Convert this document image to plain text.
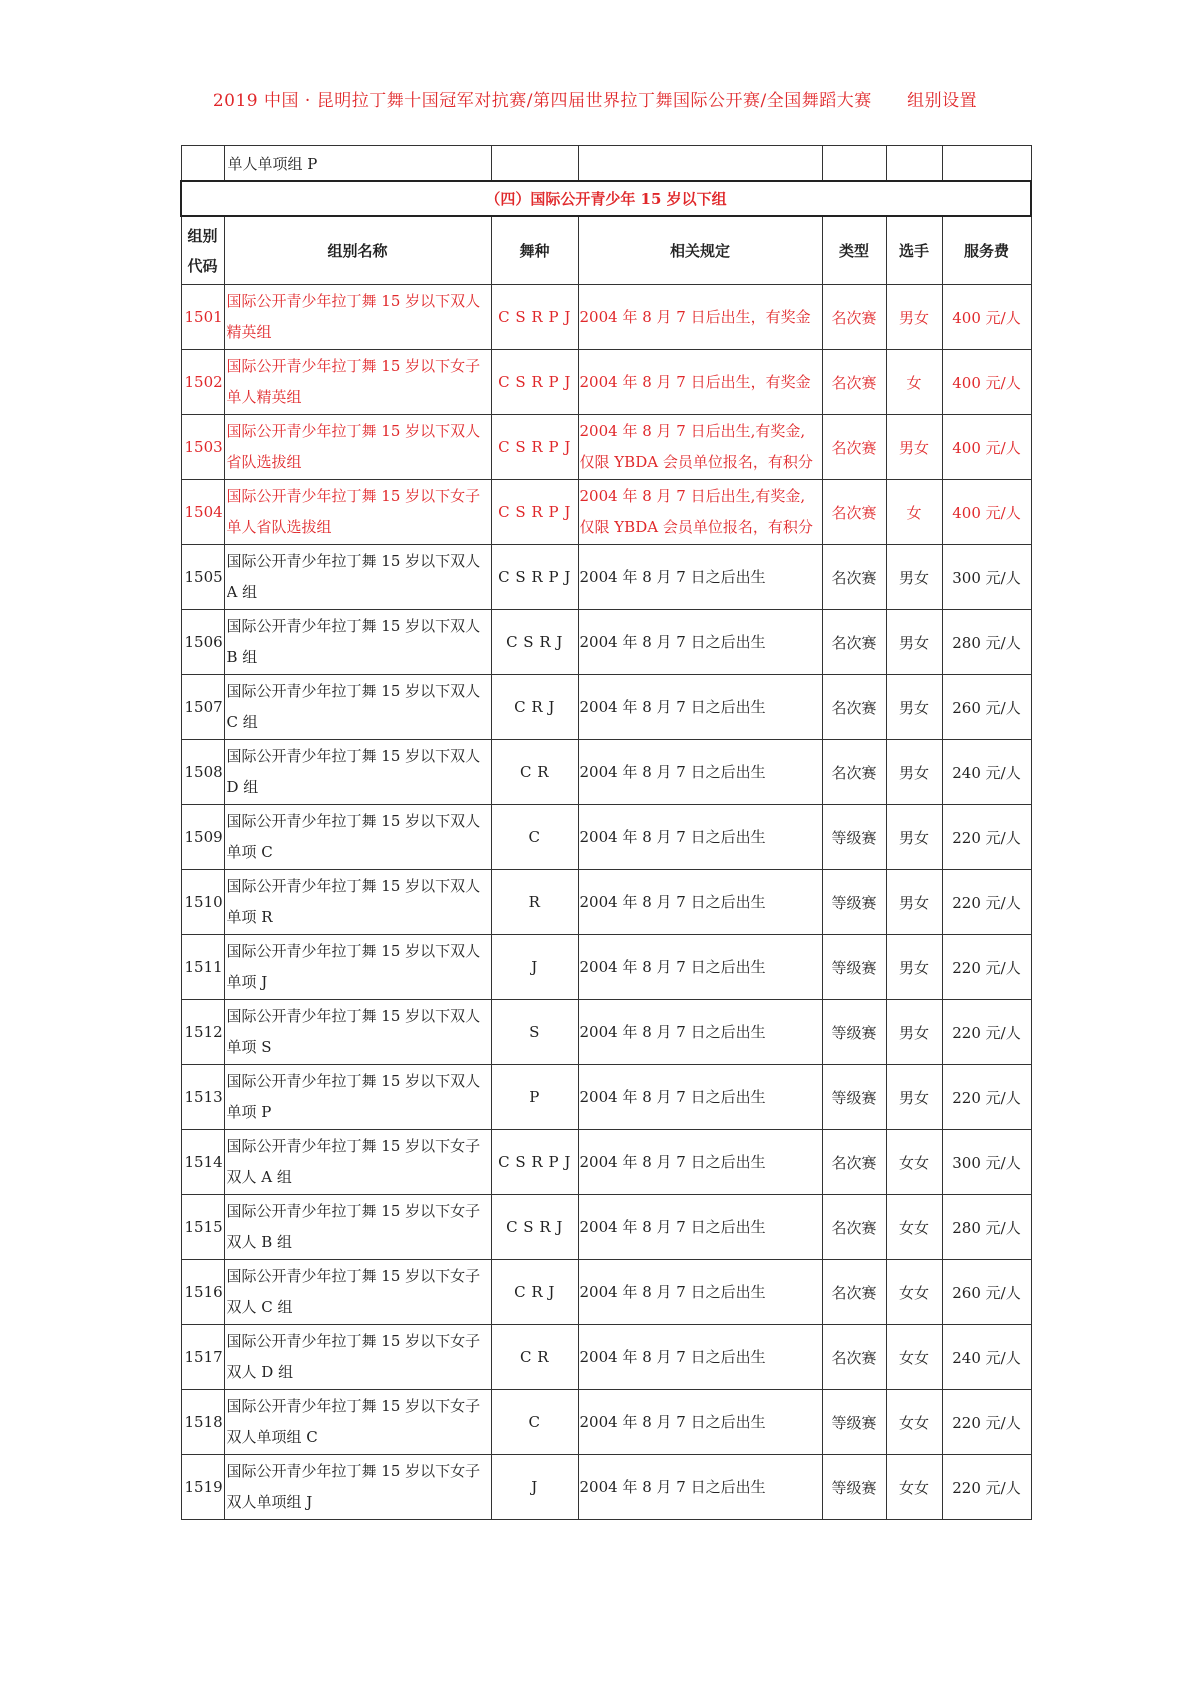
2019 中国 · 昆明拉丁舞十国冠军对抗赛/第四届世界拉丁舞国际公开赛/全国舞蹈大赛      组别设置
	单人单项组 P					
（四）国际公开青少年 15 岁以下组						

组别
代码	组别名称	舞种	相关规定	类型	选手	服务费
1501	国际公开青少年拉丁舞 15 岁以下双人
精英组	C S R P J	2004 年 8 月 7 日后出生，有奖金	名次赛	男女	400 元/人
1502	国际公开青少年拉丁舞 15 岁以下女子
单人精英组	C S R P J	2004 年 8 月 7 日后出生，有奖金	名次赛	女	400 元/人
1503	国际公开青少年拉丁舞 15 岁以下双人
省队选拔组	C S R P J	2004 年 8 月 7 日后出生,有奖金,
仅限 YBDA 会员单位报名，有积分	名次赛	男女	400 元/人
1504	国际公开青少年拉丁舞 15 岁以下女子
单人省队选拔组	C S R P J	2004 年 8 月 7 日后出生,有奖金,
仅限 YBDA 会员单位报名，有积分	名次赛	女	400 元/人
1505	国际公开青少年拉丁舞 15 岁以下双人
A 组	C S R P J	2004 年 8 月 7 日之后出生	名次赛	男女	300 元/人
1506	国际公开青少年拉丁舞 15 岁以下双人
B 组	C S R J	2004 年 8 月 7 日之后出生	名次赛	男女	280 元/人
1507	国际公开青少年拉丁舞 15 岁以下双人
C 组	C R J	2004 年 8 月 7 日之后出生	名次赛	男女	260 元/人
1508	国际公开青少年拉丁舞 15 岁以下双人
D 组	C R	2004 年 8 月 7 日之后出生	名次赛	男女	240 元/人
1509	国际公开青少年拉丁舞 15 岁以下双人
单项 C	C	2004 年 8 月 7 日之后出生	等级赛	男女	220 元/人
1510	国际公开青少年拉丁舞 15 岁以下双人
单项 R	R	2004 年 8 月 7 日之后出生	等级赛	男女	220 元/人
1511	国际公开青少年拉丁舞 15 岁以下双人
单项 J	J	2004 年 8 月 7 日之后出生	等级赛	男女	220 元/人
1512	国际公开青少年拉丁舞 15 岁以下双人
单项 S	S	2004 年 8 月 7 日之后出生	等级赛	男女	220 元/人
1513	国际公开青少年拉丁舞 15 岁以下双人
单项 P	P	2004 年 8 月 7 日之后出生	等级赛	男女	220 元/人
1514	国际公开青少年拉丁舞 15 岁以下女子
双人 A 组	C S R P J	2004 年 8 月 7 日之后出生	名次赛	女女	300 元/人
1515	国际公开青少年拉丁舞 15 岁以下女子
双人 B 组	C S R J	2004 年 8 月 7 日之后出生	名次赛	女女	280 元/人
1516	国际公开青少年拉丁舞 15 岁以下女子
双人 C 组	C R J	2004 年 8 月 7 日之后出生	名次赛	女女	260 元/人
1517	国际公开青少年拉丁舞 15 岁以下女子
双人 D 组	C R	2004 年 8 月 7 日之后出生	名次赛	女女	240 元/人
1518	国际公开青少年拉丁舞 15 岁以下女子
双人单项组 C	C	2004 年 8 月 7 日之后出生	等级赛	女女	220 元/人
1519	国际公开青少年拉丁舞 15 岁以下女子
双人单项组 J	J	2004 年 8 月 7 日之后出生	等级赛	女女	220 元/人
